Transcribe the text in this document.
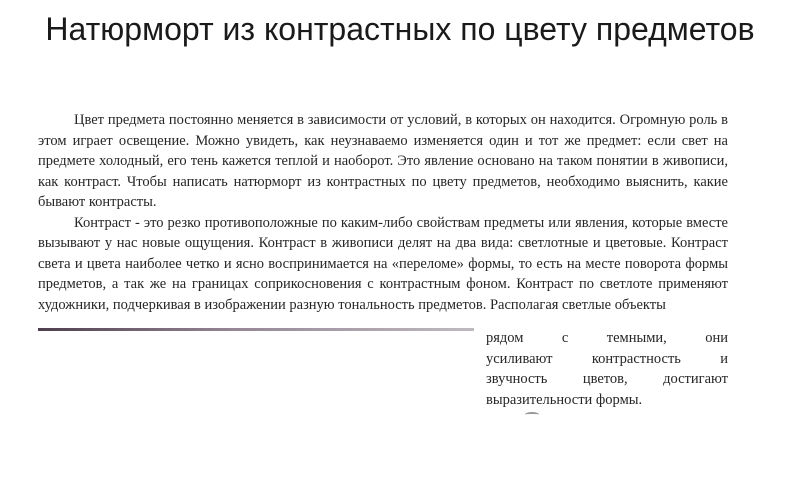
Натюрморт из контрастных по цвету предметов

Цвет предмета постоянно меняется в зависимости от условий, в которых он находится. Огромную роль в этом играет освещение. Можно увидеть, как неузнаваемо изменяется один и тот же предмет: если свет на предмете холодный, его тень кажется теплой и наоборот. Это явление основано на таком понятии в живописи, как контраст. Чтобы написать натюрморт из контрастных по цвету предметов, необходимо выяснить, какие бывают контрасты.

Контраст - это резко противоположные по каким-либо свойствам предметы или явления, которые вместе вызывают у нас новые ощущения. Контраст в живописи делят на два вида: светлотные и цветовые. Контраст света и цвета наиболее четко и ясно воспринимается на «переломе» формы, то есть на месте поворота формы предметов, а так же на границах соприкосновения с контрастным фоном. Контраст по светлоте применяют художники, подчеркивая в изображении разную тональность предметов. Располагая светлые объекты

рядом с темными, они
усиливают контрастность и
звучность цветов, достигают
выразительности формы.
